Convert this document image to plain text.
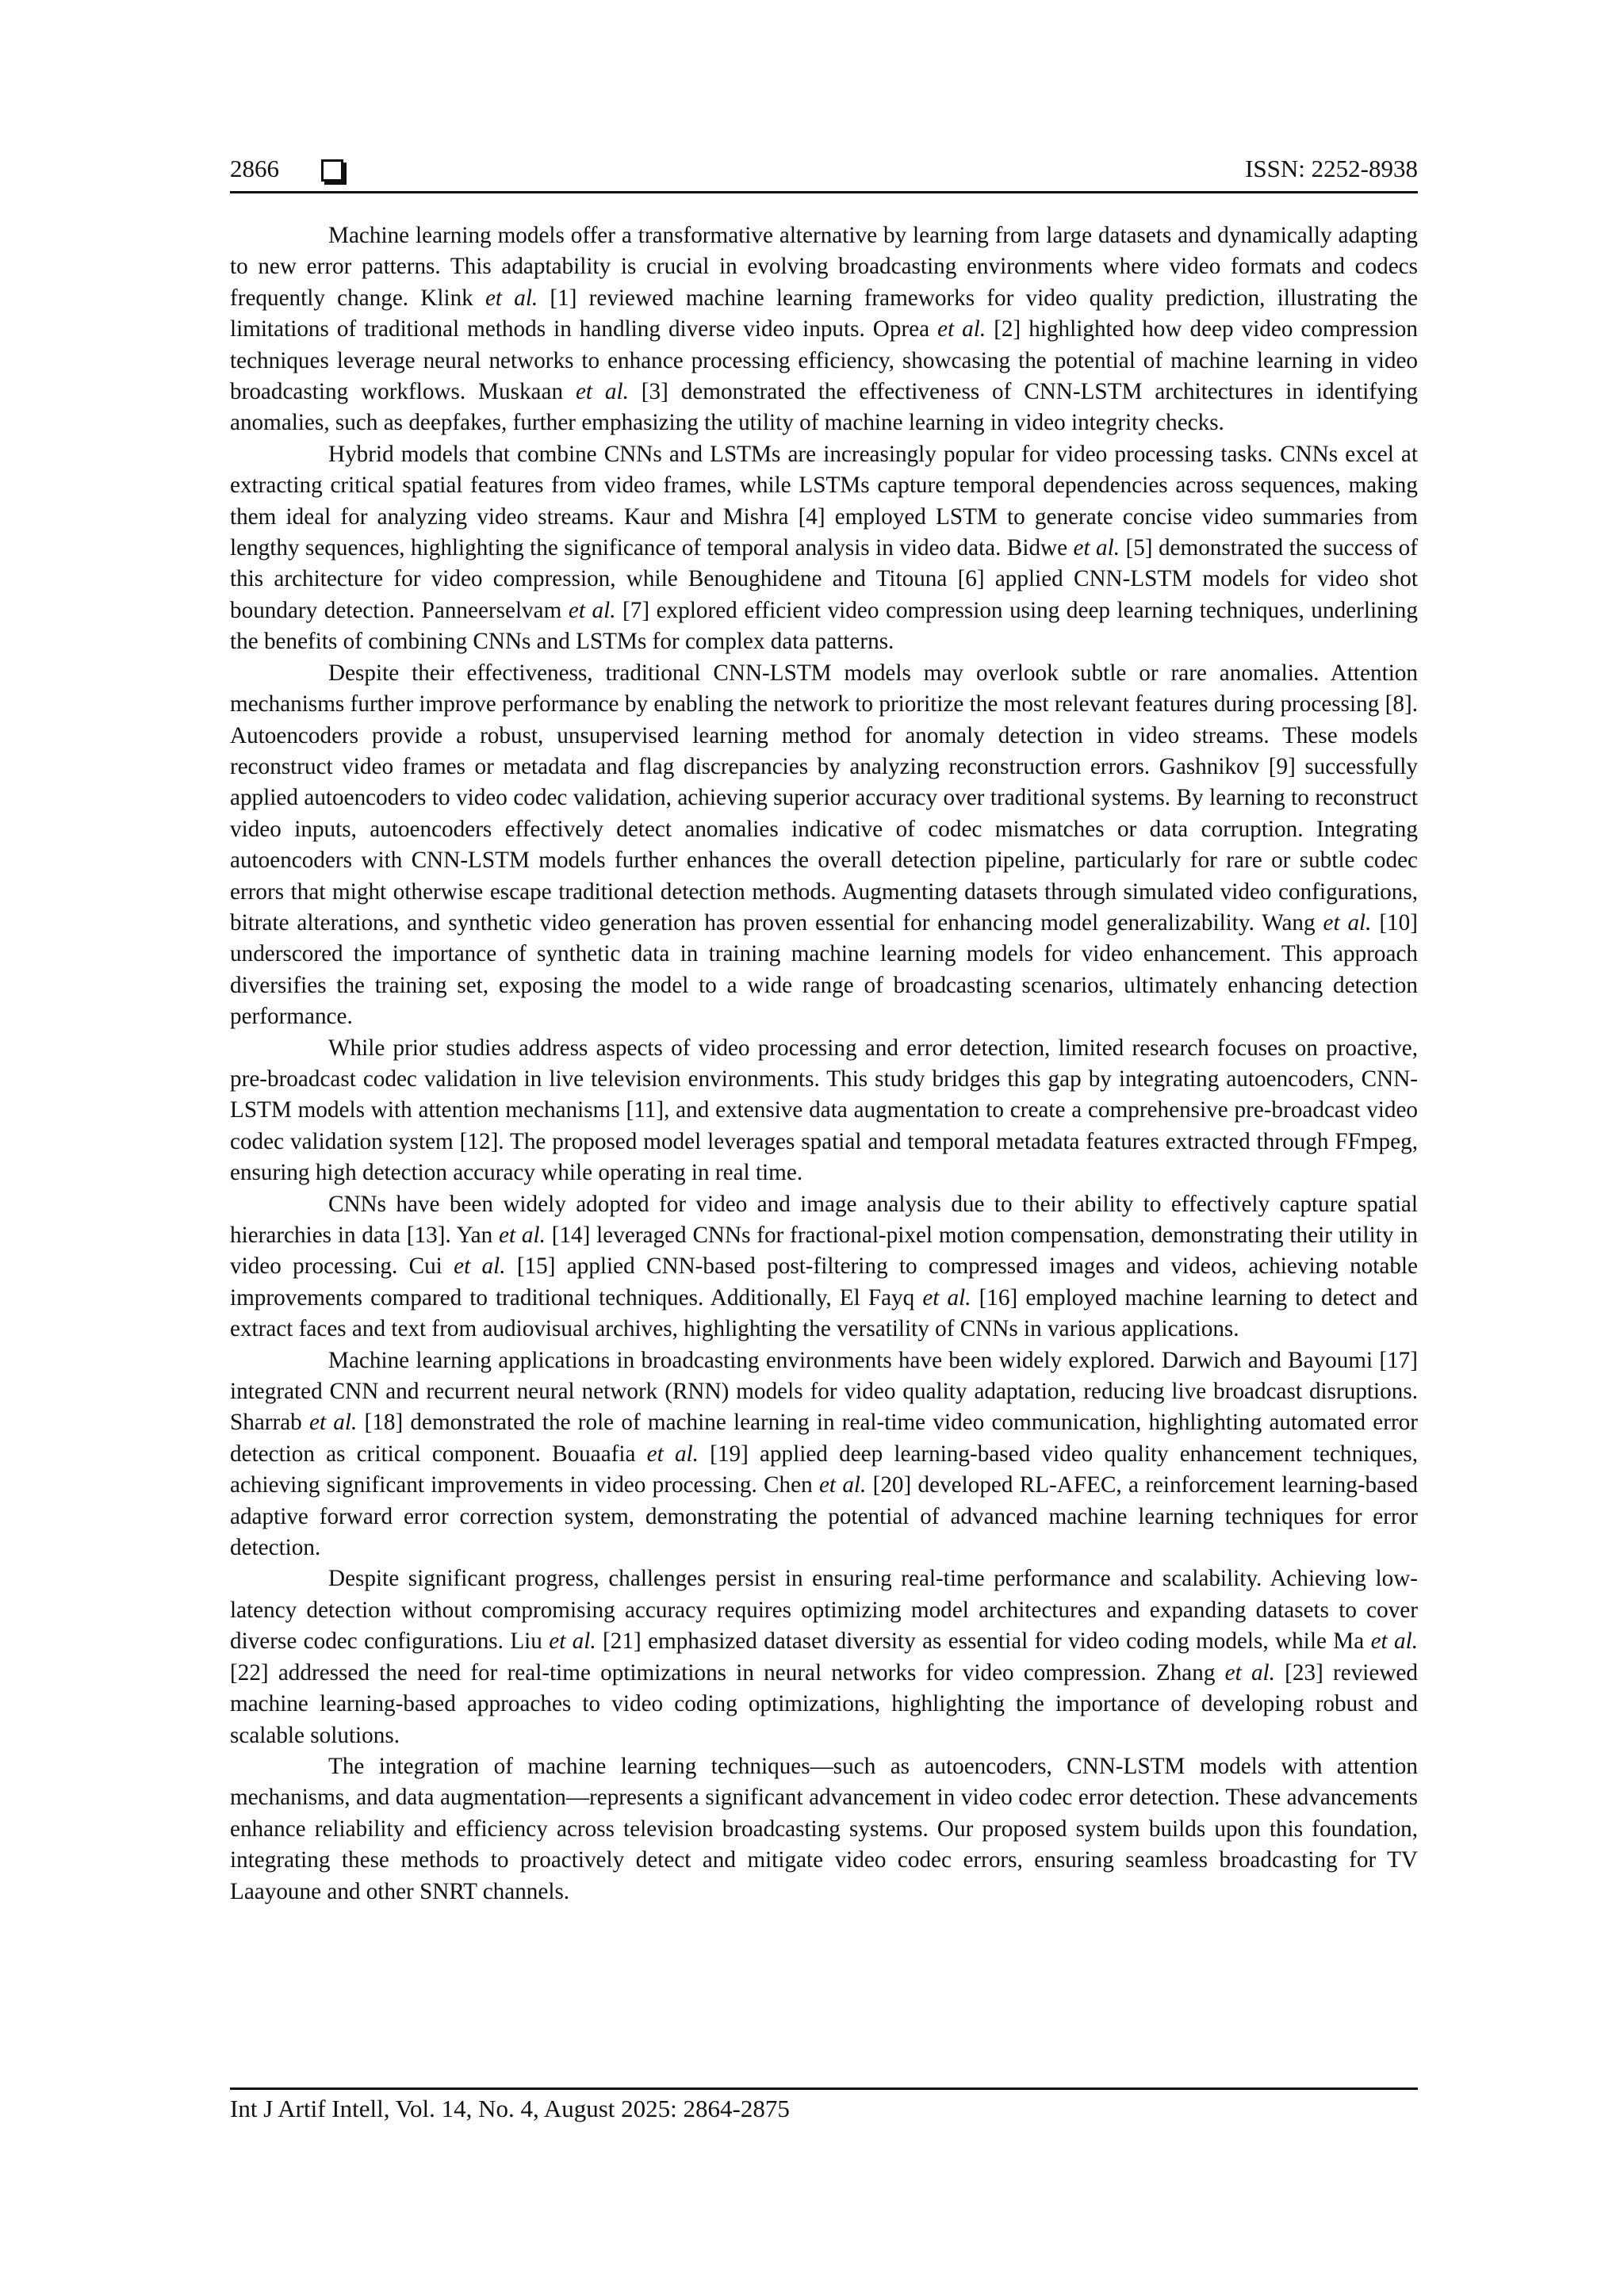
2866	ISSN: 2252-8938

Machine learning models offer a transformative alternative by learning from large datasets and dynamically adapting to new error patterns. This adaptability is crucial in evolving broadcasting environments where video formats and codecs frequently change. Klink et al. [1] reviewed machine learning frameworks for video quality prediction, illustrating the limitations of traditional methods in handling diverse video inputs. Oprea et al. [2] highlighted how deep video compression techniques leverage neural networks to enhance processing efficiency, showcasing the potential of machine learning in video broadcasting workflows. Muskaan et al. [3] demonstrated the effectiveness of CNN-LSTM architectures in identifying anomalies, such as deepfakes, further emphasizing the utility of machine learning in video integrity checks.

Hybrid models that combine CNNs and LSTMs are increasingly popular for video processing tasks. CNNs excel at extracting critical spatial features from video frames, while LSTMs capture temporal dependencies across sequences, making them ideal for analyzing video streams. Kaur and Mishra [4] employed LSTM to generate concise video summaries from lengthy sequences, highlighting the significance of temporal analysis in video data. Bidwe et al. [5] demonstrated the success of this architecture for video compression, while Benoughidene and Titouna [6] applied CNN-LSTM models for video shot boundary detection. Panneerselvam et al. [7] explored efficient video compression using deep learning techniques, underlining the benefits of combining CNNs and LSTMs for complex data patterns.

Despite their effectiveness, traditional CNN-LSTM models may overlook subtle or rare anomalies. Attention mechanisms further improve performance by enabling the network to prioritize the most relevant features during processing [8]. Autoencoders provide a robust, unsupervised learning method for anomaly detection in video streams. These models reconstruct video frames or metadata and flag discrepancies by analyzing reconstruction errors. Gashnikov [9] successfully applied autoencoders to video codec validation, achieving superior accuracy over traditional systems. By learning to reconstruct video inputs, autoencoders effectively detect anomalies indicative of codec mismatches or data corruption. Integrating autoencoders with CNN-LSTM models further enhances the overall detection pipeline, particularly for rare or subtle codec errors that might otherwise escape traditional detection methods. Augmenting datasets through simulated video configurations, bitrate alterations, and synthetic video generation has proven essential for enhancing model generalizability. Wang et al. [10] underscored the importance of synthetic data in training machine learning models for video enhancement. This approach diversifies the training set, exposing the model to a wide range of broadcasting scenarios, ultimately enhancing detection performance.

While prior studies address aspects of video processing and error detection, limited research focuses on proactive, pre-broadcast codec validation in live television environments. This study bridges this gap by integrating autoencoders, CNN-LSTM models with attention mechanisms [11], and extensive data augmentation to create a comprehensive pre-broadcast video codec validation system [12]. The proposed model leverages spatial and temporal metadata features extracted through FFmpeg, ensuring high detection accuracy while operating in real time.

CNNs have been widely adopted for video and image analysis due to their ability to effectively capture spatial hierarchies in data [13]. Yan et al. [14] leveraged CNNs for fractional-pixel motion compensation, demonstrating their utility in video processing. Cui et al. [15] applied CNN-based post-filtering to compressed images and videos, achieving notable improvements compared to traditional techniques. Additionally, El Fayq et al. [16] employed machine learning to detect and extract faces and text from audiovisual archives, highlighting the versatility of CNNs in various applications.

Machine learning applications in broadcasting environments have been widely explored. Darwich and Bayoumi [17] integrated CNN and recurrent neural network (RNN) models for video quality adaptation, reducing live broadcast disruptions. Sharrab et al. [18] demonstrated the role of machine learning in real-time video communication, highlighting automated error detection as critical component. Bouaafia et al. [19] applied deep learning-based video quality enhancement techniques, achieving significant improvements in video processing. Chen et al. [20] developed RL-AFEC, a reinforcement learning-based adaptive forward error correction system, demonstrating the potential of advanced machine learning techniques for error detection.

Despite significant progress, challenges persist in ensuring real-time performance and scalability. Achieving low-latency detection without compromising accuracy requires optimizing model architectures and expanding datasets to cover diverse codec configurations. Liu et al. [21] emphasized dataset diversity as essential for video coding models, while Ma et al. [22] addressed the need for real-time optimizations in neural networks for video compression. Zhang et al. [23] reviewed machine learning-based approaches to video coding optimizations, highlighting the importance of developing robust and scalable solutions.

The integration of machine learning techniques—such as autoencoders, CNN-LSTM models with attention mechanisms, and data augmentation—represents a significant advancement in video codec error detection. These advancements enhance reliability and efficiency across television broadcasting systems. Our proposed system builds upon this foundation, integrating these methods to proactively detect and mitigate video codec errors, ensuring seamless broadcasting for TV Laayoune and other SNRT channels.

Int J Artif Intell, Vol. 14, No. 4, August 2025: 2864-2875
